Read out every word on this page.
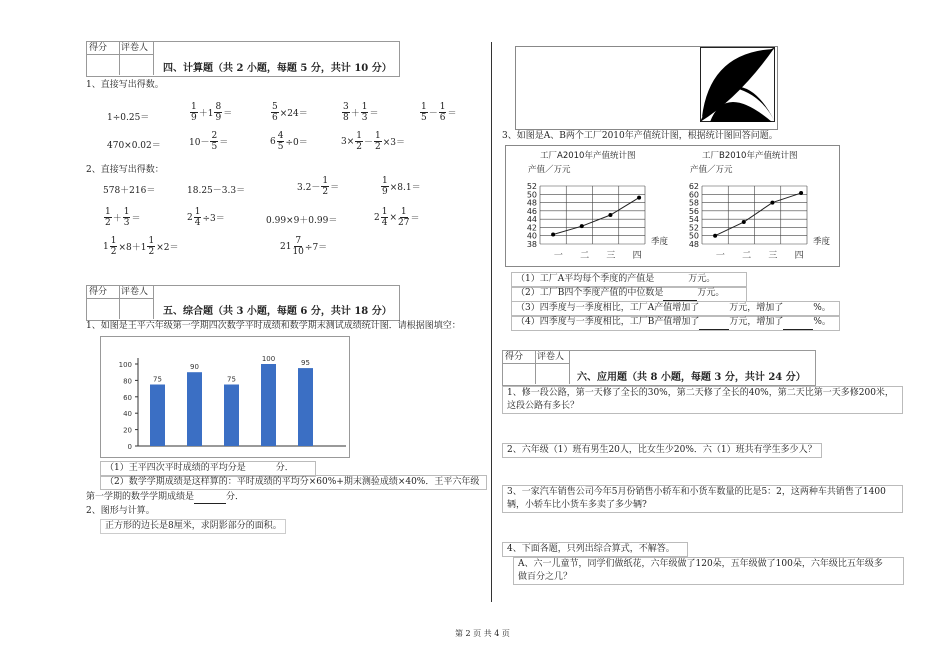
得分	评卷人
四、计算题（共 2 小题，每题 5 分，共计 10 分）
1、直接写出得数。
1÷0.25＝	$\frac{1}{9} +1 \frac{8}{9}$ ＝	$\frac{5}{6} \times 24=$	$\frac{3}{8} + \frac{1}{3}$ ＝	$\frac{1}{5} - \frac{1}{6}$ ＝
470×0.02＝	$10- \frac{2}{5}$ ＝	$6 \frac{4}{5} \div 0=$	$3\times \frac{1}{2} - \frac{1}{2} \times 3=$
2、直接写出得数：
578＋216＝	18.25－3.3＝	$3.2- \frac{1}{2}$ ＝	$\frac{1}{9} \times 8.1=$
$\frac{1}{2} + \frac{1}{3}$ ＝	$2 \frac{1}{4} \div 3=$	0.99×9＋0.99＝	$2 \frac{1}{4} \times \frac{1}{27}$ ＝
$1 \frac{1}{2} \times 8+1 \frac{1}{2} \times 2=$	$21 \frac{7}{10} \div 7=$
得分	评卷人
五、综合题（共 3 小题，每题 6 分，共计 18 分）
1、如图是王平六年级第一学期四次数学平时成绩和数学期末测试成绩统计图．请根据图填空：
0
20
40
60
80
100
75
90
75
100
95
（1）王平四次平时成绩的平均分是	分．
（2）数学学期成绩是这样算的：平时成绩的平均分×60%+期末测验成绩×40%．王平六年级
第一学期的数学学期成绩是	分．
2、图形与计算。
正方形的边长是8厘米，求阴影部分的面积。
3、如图是A、B两个工厂2010年产值统计图，根据统计图回答问题。
工厂A2010年产值统计图
产值／万元
38
40
42
44
46
48
50
52
一 二 三 四
季度
工厂B2010年产值统计图
产值／万元
48
50
52
54
56
58
60
62
一 二 三 四
季度
（1）工厂A平均每个季度的产值是	万元。
（2）工厂B四个季度产值的中位数是	万元。
（3）四季度与一季度相比，工厂A产值增加了	万元，增加了	%。
（4）四季度与一季度相比，工厂B产值增加了	万元，增加了	%。
得分	评卷人
六、应用题（共 8 小题，每题 3 分，共计 24 分）
1、修一段公路，第一天修了全长的30%，第二天修了全长的40%，第二天比第一天多修200米，
这段公路有多长？
2、六年级（1）班有男生20人，比女生少20%．六（1）班共有学生多少人？
3、一家汽车销售公司今年5月份销售小轿车和小货车数量的比是5：2，这两种车共销售了1400
辆，小轿车比小货车多卖了多少辆?
4、下面各题，只列出综合算式，不解答。
A、六一儿童节，同学们做纸花，六年级做了120朵，五年级做了100朵，六年级比五年级多
做百分之几？
第 2 页 共 4 页
